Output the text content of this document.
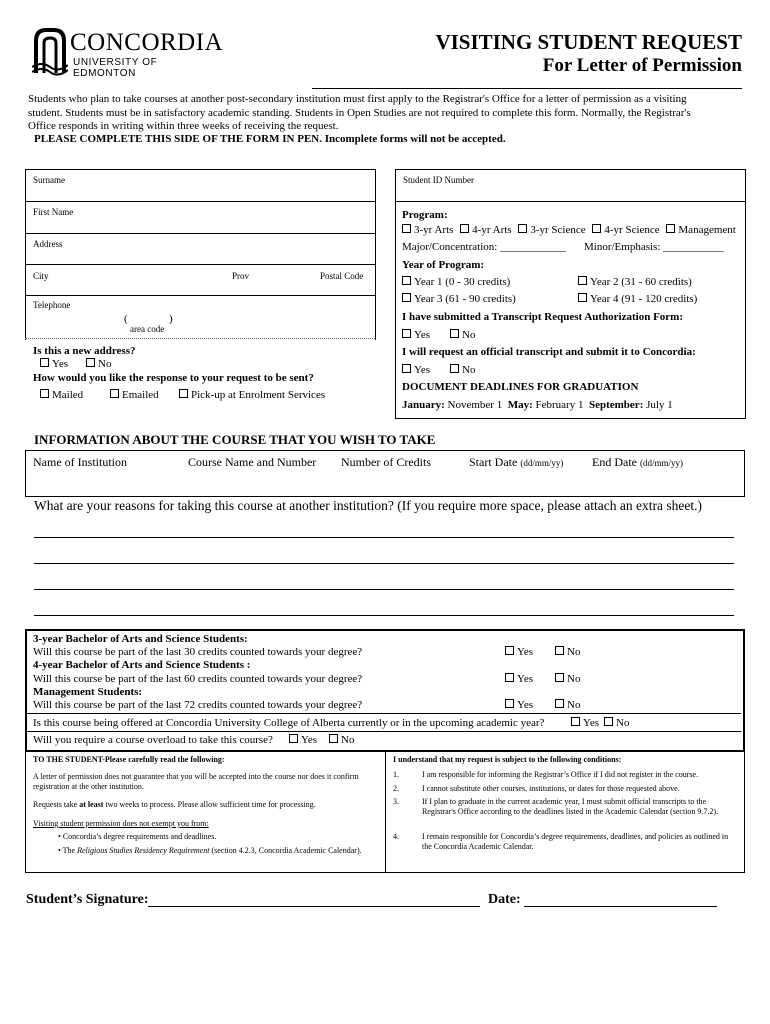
CONCORDIA
UNIVERSITY OF EDMONTON
VISITING STUDENT REQUEST
For Letter of Permission
Students who plan to take courses at another post-secondary institution must first apply to the Registrar's Office for a letter of permission as a visiting student. Students must be in satisfactory academic standing. Students in Open Studies are not required to complete this form. Normally, the Registrar's Office responds in writing within three weeks of receiving the request.
PLEASE COMPLETE THIS SIDE OF THE FORM IN PEN. Incomplete forms will not be accepted.
Surname
First Name
Address
City	Prov	Postal Code
Telephone
(	)
area code
Is this a new address?
Yes	No
How would you like the response to your request to be sent?
Mailed	Emailed	Pick-up at Enrolment Services
Student ID Number
Program:
3-yr Arts 4-yr Arts 3-yr Science 4-yr Science Management
Major/Concentration: ____________ Minor/Emphasis: ___________
Year of Program:
Year 1 (0 - 30 credits)	Year 2 (31 - 60 credits)
Year 3 (61 - 90 credits)	Year 4 (91 - 120 credits)
I have submitted a Transcript Request Authorization Form:
Yes	No
I will request an official transcript and submit it to Concordia:
Yes	No
DOCUMENT DEADLINES FOR GRADUATION
January: November 1 May: February 1 September: July 1
INFORMATION ABOUT THE COURSE THAT YOU WISH TO TAKE
Name of Institution	Course Name and Number Number of Credits	Start Date (dd/mm/yy) End Date (dd/mm/yy)
What are your reasons for taking this course at another institution? (If you require more space, please attach an extra sheet.)
3-year Bachelor of Arts and Science Students:
Will this course be part of the last 30 credits counted towards your degree?	Yes	No
4-year Bachelor of Arts and Science Students :
Will this course be part of the last 60 credits counted towards your degree?	Yes	No
Management Students:
Will this course be part of the last 72 credits counted towards your degree?	Yes	No
Is this course being offered at Concordia University College of Alberta currently or in the upcoming academic year?	Yes	No
Will you require a course overload to take this course?	Yes	No
TO THE STUDENT-Please carefully read the following:
A letter of permission does not guarantee that you will be accepted into the course nor does it confirm registration at the other institution.
Requests take at least two weeks to process. Please allow sufficient time for processing.
Visiting student permission does not exempt you from:
• Concordia’s degree requirements and deadlines.
• The Religious Studies Residency Requirement (section 4.2.3, Concordia Academic Calendar).
I understand that my request is subject to the following conditions:
1.	I am responsible for informing the Registrar’s Office if I did not register in the course.
2.	I cannot substitute other courses, institutions, or dates for those requested above.
3.	If I plan to graduate in the current academic year, I must submit official transcripts to the Registrar's Office according to the deadlines listed in the Academic Calendar (section 9.7.2).
4.	I remain responsible for Concordia’s degree requirements, deadlines, and policies as outlined in the Concordia Academic Calendar.
Student’s Signature:	Date:
